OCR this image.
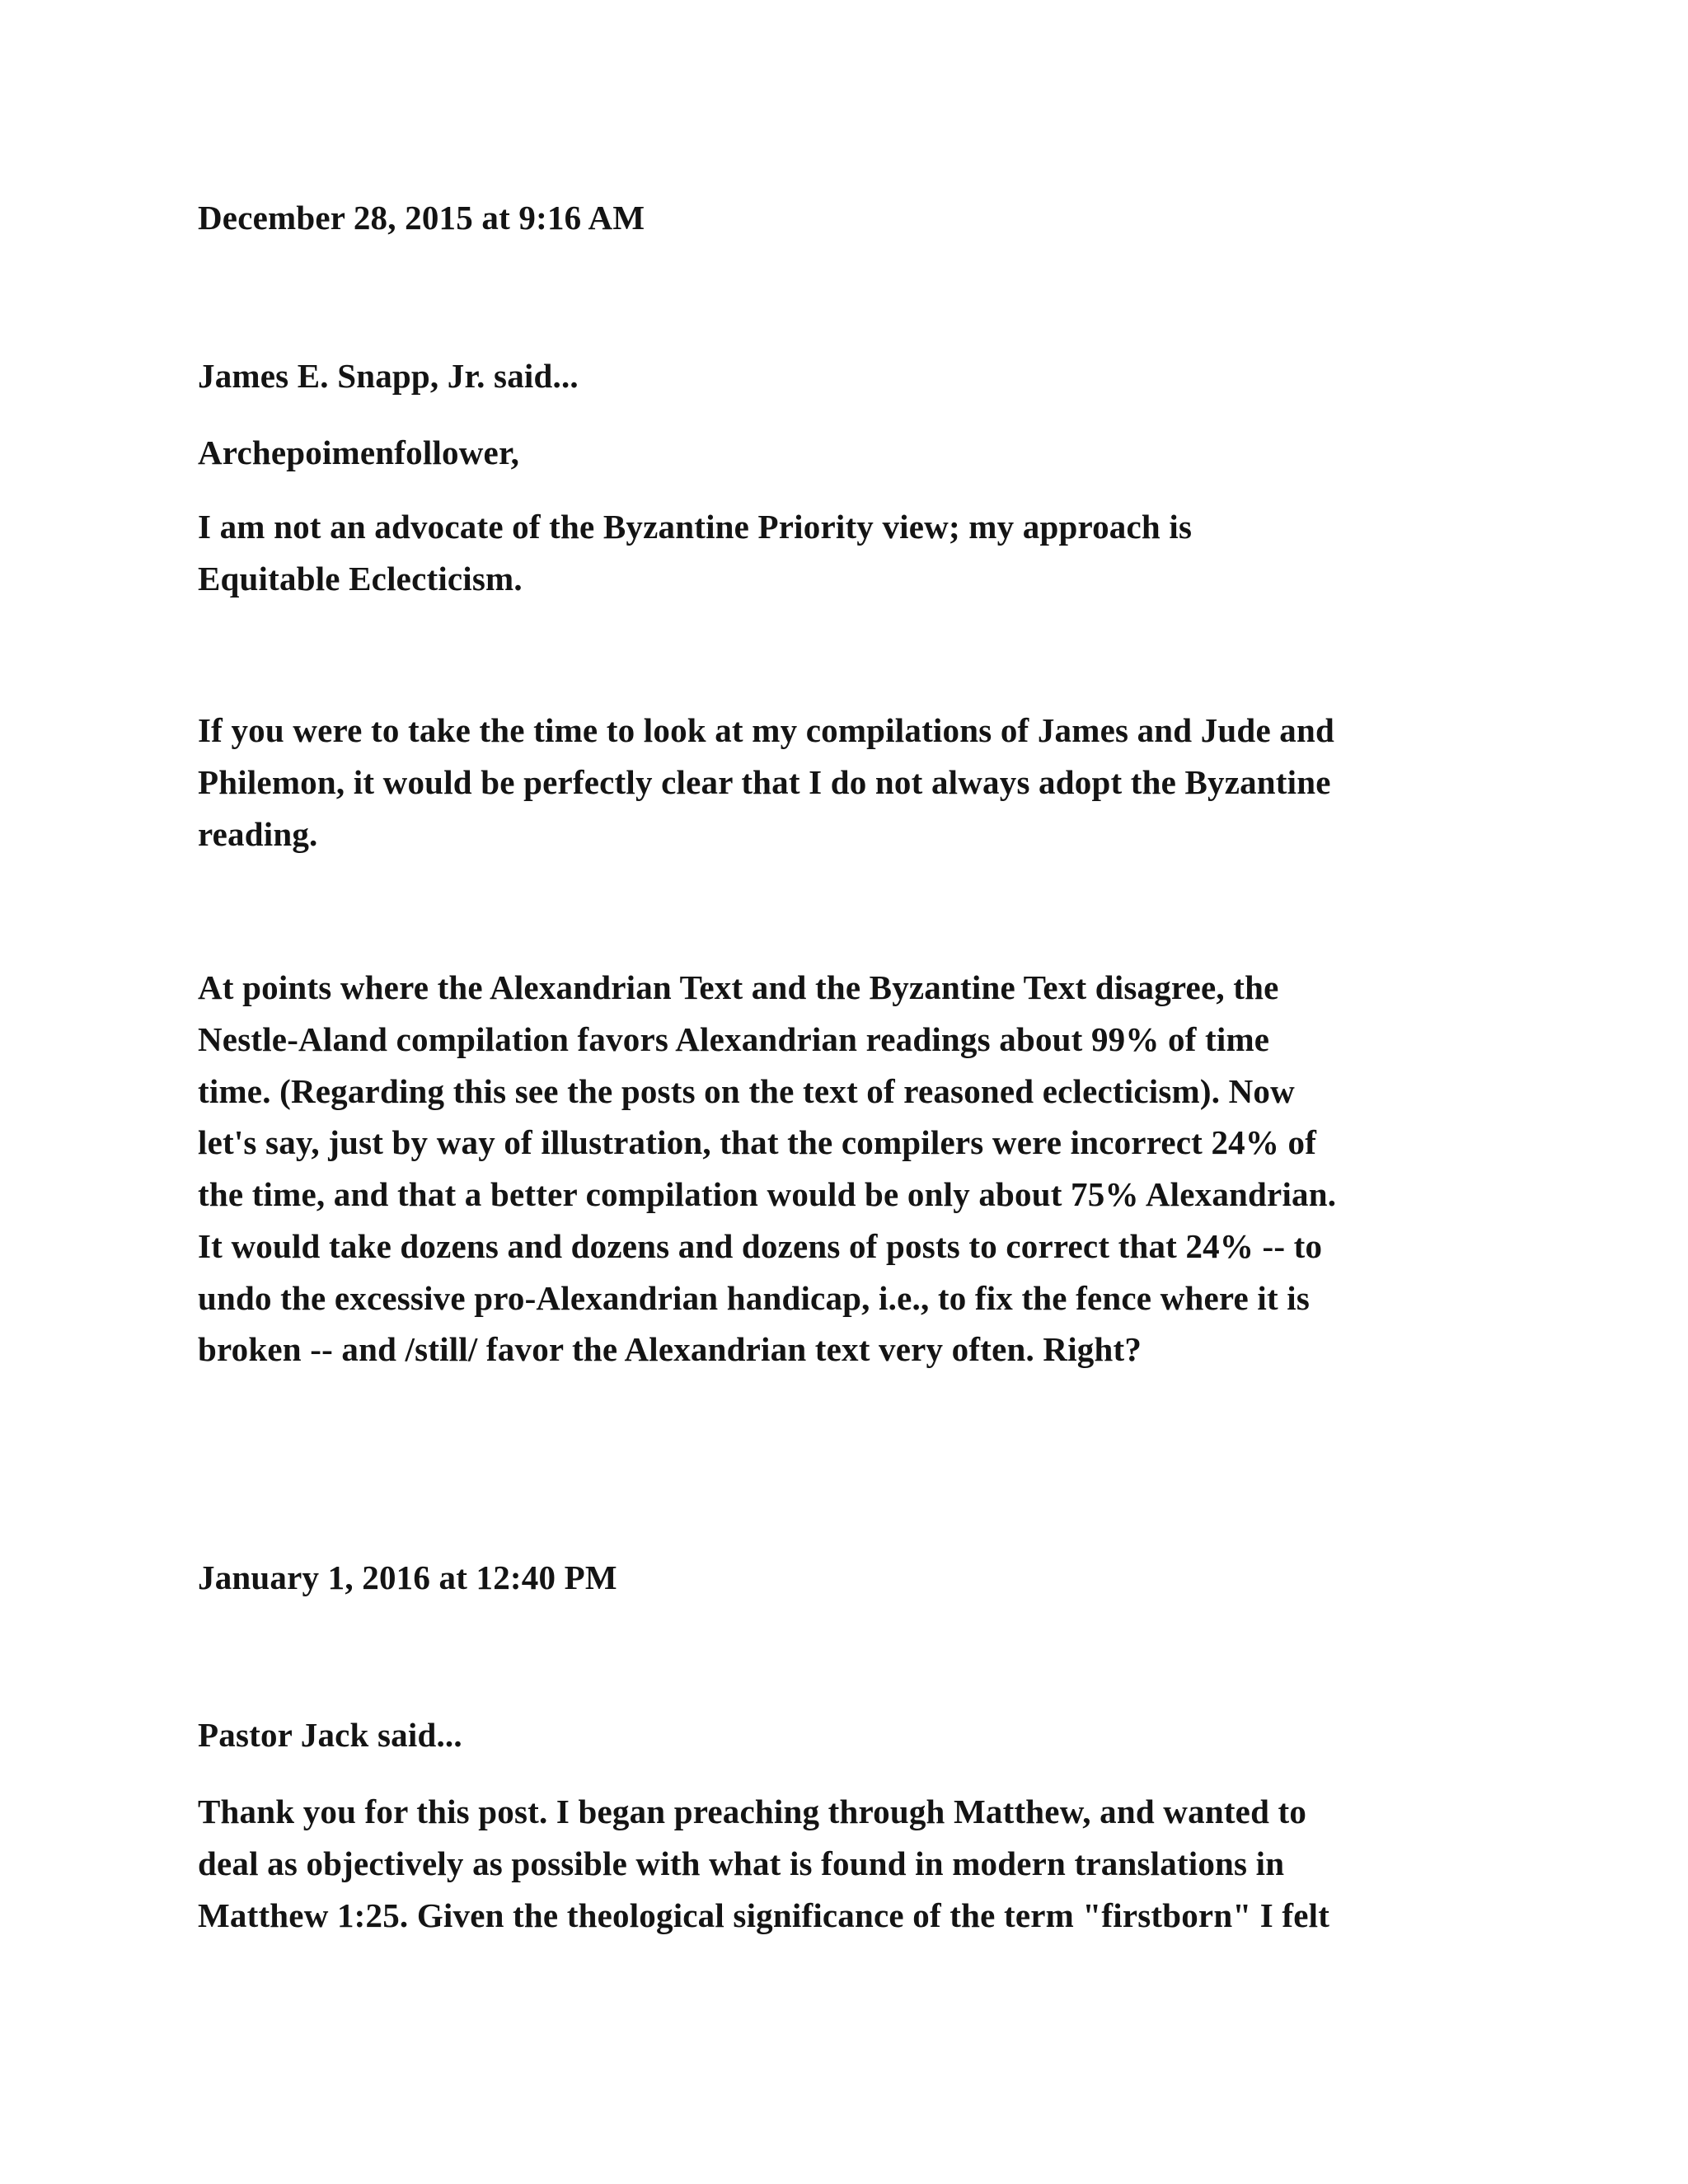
December 28, 2015 at 9:16 AM

James E. Snapp, Jr. said...

Archepoimenfollower,

I am not an advocate of the Byzantine Priority view; my approach is

Equitable Eclecticism.

If you were to take the time to look at my compilations of James and Jude and

Philemon, it would be perfectly clear that I do not always adopt the Byzantine

reading.

At points where the Alexandrian Text and the Byzantine Text disagree, the

Nestle-Aland compilation favors Alexandrian readings about 99% of time

time. (Regarding this see the posts on the text of reasoned eclecticism). Now

let's say, just by way of illustration, that the compilers were incorrect 24% of

the time, and that a better compilation would be only about 75% Alexandrian.

It would take dozens and dozens and dozens of posts to correct that 24% -- to

undo the excessive pro-Alexandrian handicap, i.e., to fix the fence where it is

broken -- and /still/ favor the Alexandrian text very often. Right?

January 1, 2016 at 12:40 PM

Pastor Jack said...

Thank you for this post. I began preaching through Matthew, and wanted to

deal as objectively as possible with what is found in modern translations in

Matthew 1:25. Given the theological significance of the term "firstborn" I felt
